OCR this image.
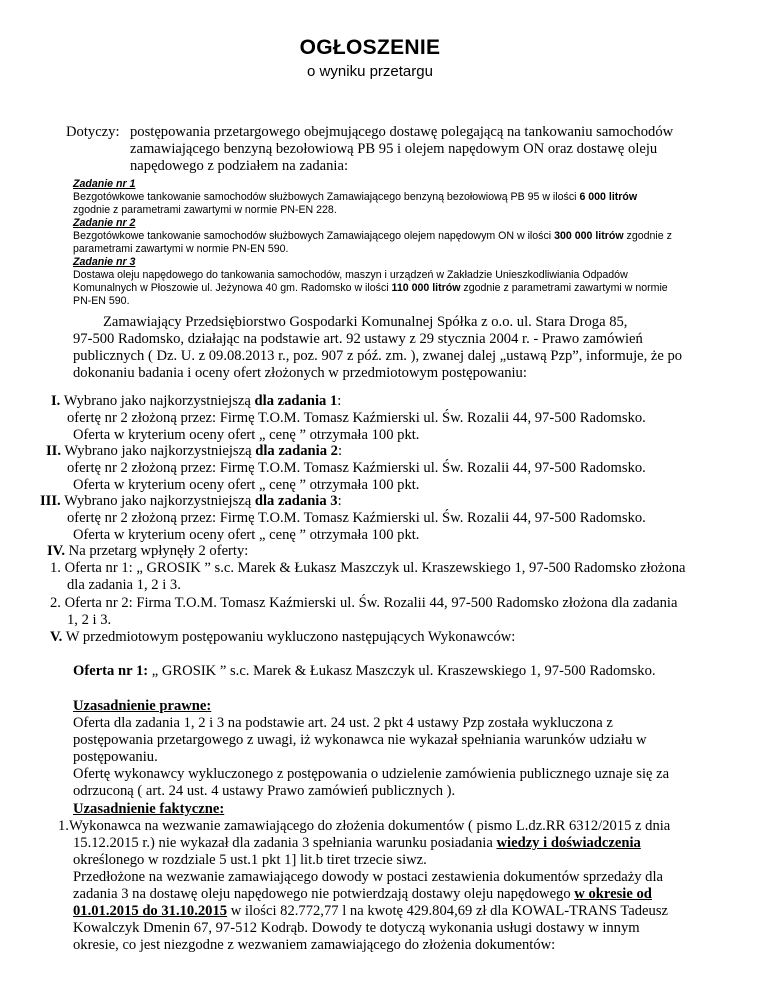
OGŁOSZENIE
o wyniku przetargu
Dotyczy: postępowania przetargowego obejmującego dostawę polegającą na tankowaniu samochodów
zamawiającego benzyną bezołowiową PB 95 i olejem napędowym ON oraz dostawę oleju
napędowego z podziałem na zadania:
Zadanie nr 1
Bezgotówkowe tankowanie samochodów służbowych Zamawiającego benzyną bezołowiową PB 95 w ilości 6 000 litrów
zgodnie z parametrami zawartymi w normie PN-EN 228.
Zadanie nr 2
Bezgotówkowe tankowanie samochodów służbowych Zamawiającego olejem napędowym ON w ilości 300 000 litrów zgodnie z
parametrami zawartymi w normie PN-EN 590.
Zadanie nr 3
Dostawa oleju napędowego do tankowania samochodów, maszyn i urządzeń w Zakładzie Unieszkodliwiania Odpadów
Komunalnych w Płoszowie ul. Jeżynowa 40 gm. Radomsko w ilości 110 000 litrów zgodnie z parametrami zawartymi w normie
PN-EN 590.
Zamawiający Przedsiębiorstwo Gospodarki Komunalnej Spółka z o.o. ul. Stara Droga 85,
97-500 Radomsko, działając na podstawie art. 92 ustawy z 29 stycznia 2004 r. - Prawo zamówień
publicznych ( Dz. U. z 09.08.2013 r., poz. 907 z póź. zm. ), zwanej dalej „ustawą Pzp”, informuje, że po
dokonaniu badania i oceny ofert złożonych w przedmiotowym postępowaniu:
I. Wybrano jako najkorzystniejszą dla zadania 1:
ofertę nr 2 złożoną przez: Firmę T.O.M. Tomasz Kaźmierski ul. Św. Rozalii 44, 97-500 Radomsko.
Oferta w kryterium oceny ofert „ cenę ” otrzymała 100 pkt.
II. Wybrano jako najkorzystniejszą dla zadania 2:
ofertę nr 2 złożoną przez: Firmę T.O.M. Tomasz Kaźmierski ul. Św. Rozalii 44, 97-500 Radomsko.
Oferta w kryterium oceny ofert „ cenę ” otrzymała 100 pkt.
III. Wybrano jako najkorzystniejszą dla zadania 3:
ofertę nr 2 złożoną przez: Firmę T.O.M. Tomasz Kaźmierski ul. Św. Rozalii 44, 97-500 Radomsko.
Oferta w kryterium oceny ofert „ cenę ” otrzymała 100 pkt.
IV. Na przetarg wpłynęły 2 oferty:
1. Oferta nr 1: „ GROSIK ” s.c. Marek & Łukasz Maszczyk ul. Kraszewskiego 1, 97-500 Radomsko złożona
dla zadania 1, 2 i 3.
2. Oferta nr 2: Firma T.O.M. Tomasz Kaźmierski ul. Św. Rozalii 44, 97-500 Radomsko złożona dla zadania
1, 2 i 3.
V. W przedmiotowym postępowaniu wykluczono następujących Wykonawców:
Oferta nr 1: „ GROSIK ” s.c. Marek & Łukasz Maszczyk ul. Kraszewskiego 1, 97-500 Radomsko.
Uzasadnienie prawne:
Oferta dla zadania 1, 2 i 3 na podstawie art. 24 ust. 2 pkt 4 ustawy Pzp została wykluczona z
postępowania przetargowego z uwagi, iż wykonawca nie wykazał spełniania warunków udziału w
postępowaniu.
Ofertę wykonawcy wykluczonego z postępowania o udzielenie zamówienia publicznego uznaje się za
odrzuconą ( art. 24 ust. 4 ustawy Prawo zamówień publicznych ).
Uzasadnienie faktyczne:
1.Wykonawca na wezwanie zamawiającego do złożenia dokumentów ( pismo L.dz.RR 6312/2015 z dnia
15.12.2015 r.) nie wykazał dla zadania 3 spełniania warunku posiadania wiedzy i doświadczenia
określonego w rozdziale 5 ust.1 pkt 1] lit.b tiret trzecie siwz.
Przedłożone na wezwanie zamawiającego dowody w postaci zestawienia dokumentów sprzedaży dla
zadania 3 na dostawę oleju napędowego nie potwierdzają dostawy oleju napędowego w okresie od
01.01.2015 do 31.10.2015 w ilości 82.772,77 l na kwotę 429.804,69 zł dla KOWAL-TRANS Tadeusz
Kowalczyk Dmenin 67, 97-512 Kodrąb. Dowody te dotyczą wykonania usługi dostawy w innym
okresie, co jest niezgodne z wezwaniem zamawiającego do złożenia dokumentów:
